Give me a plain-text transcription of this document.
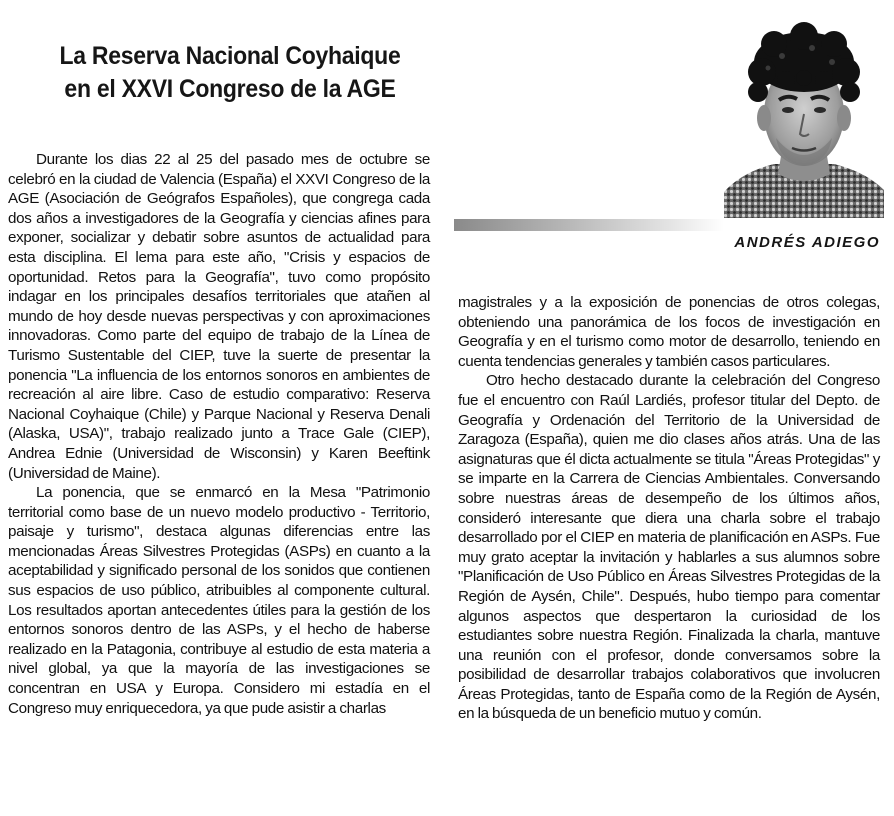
La Reserva Nacional Coyhaique
en el XXVI Congreso de la AGE
ANDRÉS ADIEGO

Durante los dias 22 al 25 del pasado mes de octubre se celebró en la ciudad de Valencia (España) el XXVI Congreso de la AGE (Asociación de Geógrafos Españoles), que congrega cada dos años a investigadores de la Geografía y ciencias afines para exponer, socializar y debatir sobre asuntos de actualidad para esta disciplina. El lema para este año, "Crisis y espacios de oportunidad. Retos para la Geografía", tuvo como propósito indagar en los principales desafíos territoriales que atañen al mundo de hoy desde nuevas perspectivas y con aproximaciones innovadoras. Como parte del equipo de trabajo de la Línea de Turismo Sustentable del CIEP, tuve la suerte de presentar la ponencia "La influencia de los entornos sonoros en ambientes de recreación al aire libre. Caso de estudio comparativo: Reserva Nacional Coyhaique (Chile) y Parque Nacional y Reserva Denali (Alaska, USA)", trabajo realizado junto a Trace Gale (CIEP), Andrea Ednie (Universidad de Wisconsin) y Karen Beeftink (Universidad de Maine).

La ponencia, que se enmarcó en la Mesa "Patrimonio territorial como base de un nuevo modelo productivo - Territorio, paisaje y turismo", destaca algunas diferencias entre las mencionadas Áreas Silvestres Protegidas (ASPs) en cuanto a la aceptabilidad y significado personal de los sonidos que contienen sus espacios de uso público, atribuibles al componente cultural. Los resultados aportan antecedentes útiles para la gestión de los entornos sonoros dentro de las ASPs, y el hecho de haberse realizado en la Patagonia, contribuye al estudio de esta materia a nivel global, ya que la mayoría de las investigaciones se concentran en USA y Europa. Considero mi estadía en el Congreso muy enriquecedora, ya que pude asistir a charlas

magistrales y a la exposición de ponencias de otros colegas, obteniendo una panorámica de los focos de investigación en Geografía y en el turismo como motor de desarrollo, teniendo en cuenta tendencias generales y también casos particulares.

Otro hecho destacado durante la celebración del Congreso fue el encuentro con Raúl Lardiés, profesor titular del Depto. de Geografía y Ordenación del Territorio de la Universidad de Zaragoza (España), quien me dio clases años atrás. Una de las asignaturas que él dicta actualmente se titula "Áreas Protegidas" y se imparte en la Carrera de Ciencias Ambientales. Conversando sobre nuestras áreas de desempeño de los últimos años, consideró interesante que diera una charla sobre el trabajo desarrollado por el CIEP en materia de planificación en ASPs. Fue muy grato aceptar la invitación y hablarles a sus alumnos sobre "Planificación de Uso Público en Áreas Silvestres Protegidas de la Región de Aysén, Chile". Después, hubo tiempo para comentar algunos aspectos que despertaron la curiosidad de los estudiantes sobre nuestra Región. Finalizada la charla, mantuve una reunión con el profesor, donde conversamos sobre la posibilidad de desarrollar trabajos colaborativos que involucren Áreas Protegidas, tanto de España como de la Región de Aysén, en la búsqueda de un beneficio mutuo y común.
